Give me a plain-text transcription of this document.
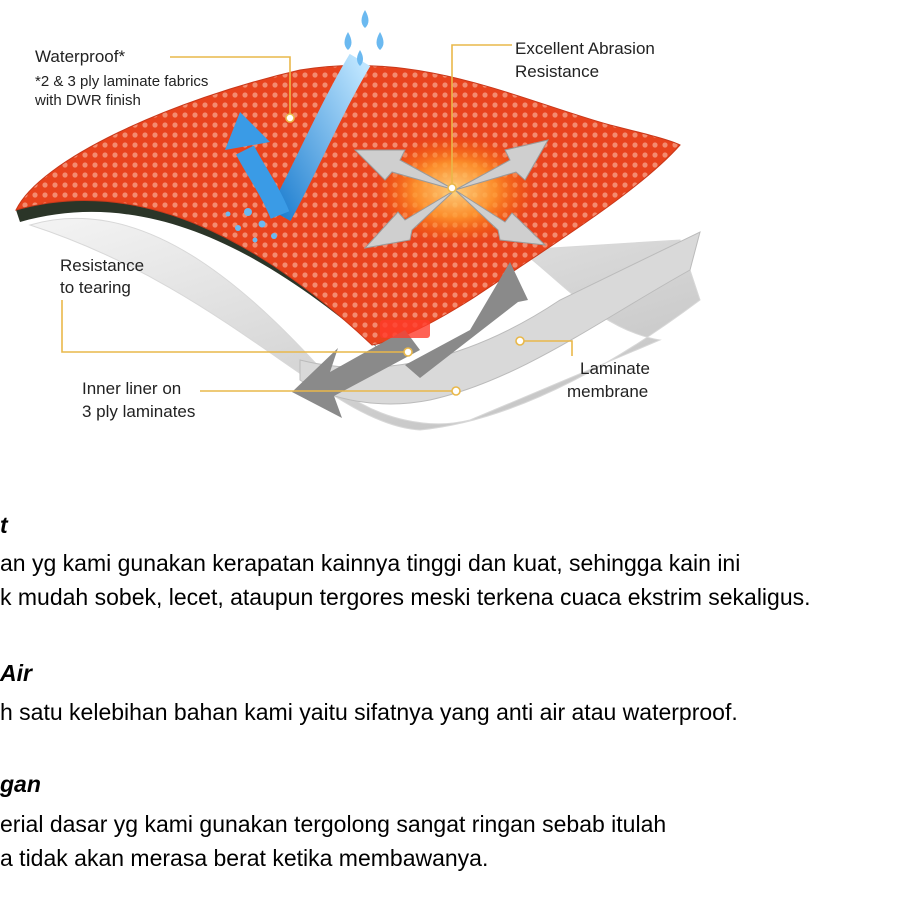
Waterproof*

*2 & 3 ply laminate fabrics

with DWR finish

Excellent Abrasion

Resistance

Resistance

to tearing

Inner liner on

3 ply laminates

Laminate

membrane

t

an yg kami gunakan kerapatan kainnya tinggi dan kuat, sehingga kain ini
k mudah sobek, lecet, ataupun tergores meski terkena cuaca ekstrim sekaligus.

Air

h satu kelebihan bahan kami yaitu sifatnya yang anti air atau waterproof.

gan

erial dasar yg kami gunakan tergolong sangat ringan sebab itulah
a tidak akan merasa berat ketika membawanya.
